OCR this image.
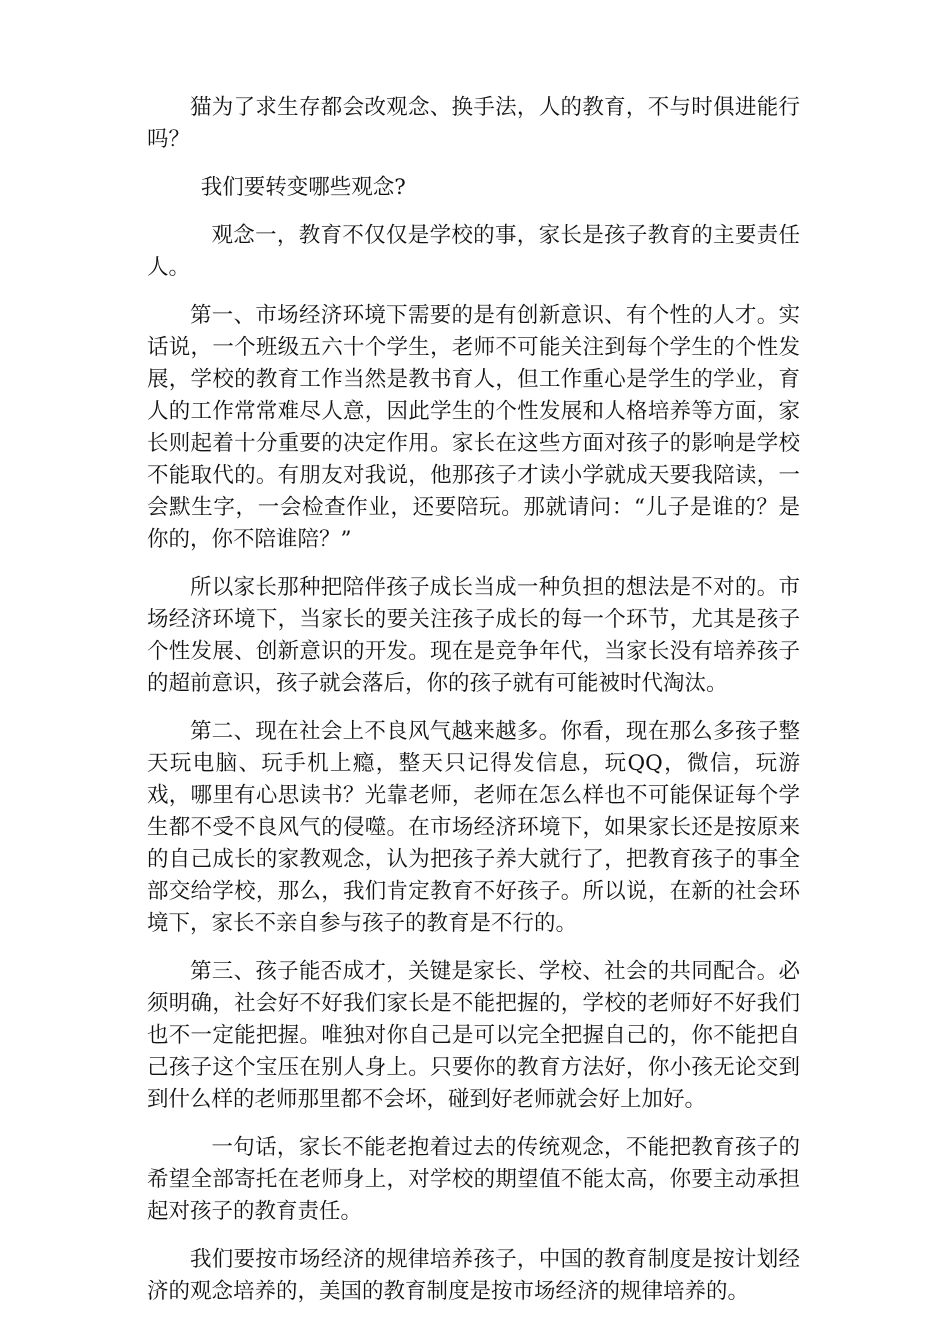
猫为了求生存都会改观念、换手法，人的教育，不与时俱进能行吗？

我们要转变哪些观念?

观念一，教育不仅仅是学校的事，家长是孩子教育的主要责任人。

第一、市场经济环境下需要的是有创新意识、有个性的人才。实话说，一个班级五六十个学生，老师不可能关注到每个学生的个性发展，学校的教育工作当然是教书育人，但工作重心是学生的学业，育人的工作常常难尽人意，因此学生的个性发展和人格培养等方面，家长则起着十分重要的决定作用。家长在这些方面对孩子的影响是学校不能取代的。有朋友对我说，他那孩子才读小学就成天要我陪读，一会默生字，一会检查作业，还要陪玩。那就请问：“儿子是谁的？是你的，你不陪谁陪？”

所以家长那种把陪伴孩子成长当成一种负担的想法是不对的。市场经济环境下，当家长的要关注孩子成长的每一个环节，尤其是孩子个性发展、创新意识的开发。现在是竞争年代，当家长没有培养孩子的超前意识，孩子就会落后，你的孩子就有可能被时代淘汰。

第二、现在社会上不良风气越来越多。你看，现在那么多孩子整天玩电脑、玩手机上瘾，整天只记得发信息，玩QQ，微信，玩游戏，哪里有心思读书？光靠老师，老师在怎么样也不可能保证每个学生都不受不良风气的侵噬。在市场经济环境下，如果家长还是按原来的自己成长的家教观念，认为把孩子养大就行了，把教育孩子的事全部交给学校，那么，我们肯定教育不好孩子。所以说，在新的社会环境下，家长不亲自参与孩子的教育是不行的。

第三、孩子能否成才，关键是家长、学校、社会的共同配合。必须明确，社会好不好我们家长是不能把握的，学校的老师好不好我们也不一定能把握。唯独对你自己是可以完全把握自己的，你不能把自己孩子这个宝压在别人身上。只要你的教育方法好，你小孩无论交到到什么样的老师那里都不会坏，碰到好老师就会好上加好。

一句话，家长不能老抱着过去的传统观念，不能把教育孩子的希望全部寄托在老师身上，对学校的期望值不能太高，你要主动承担起对孩子的教育责任。

我们要按市场经济的规律培养孩子，中国的教育制度是按计划经济的观念培养的，美国的教育制度是按市场经济的规律培养的。
